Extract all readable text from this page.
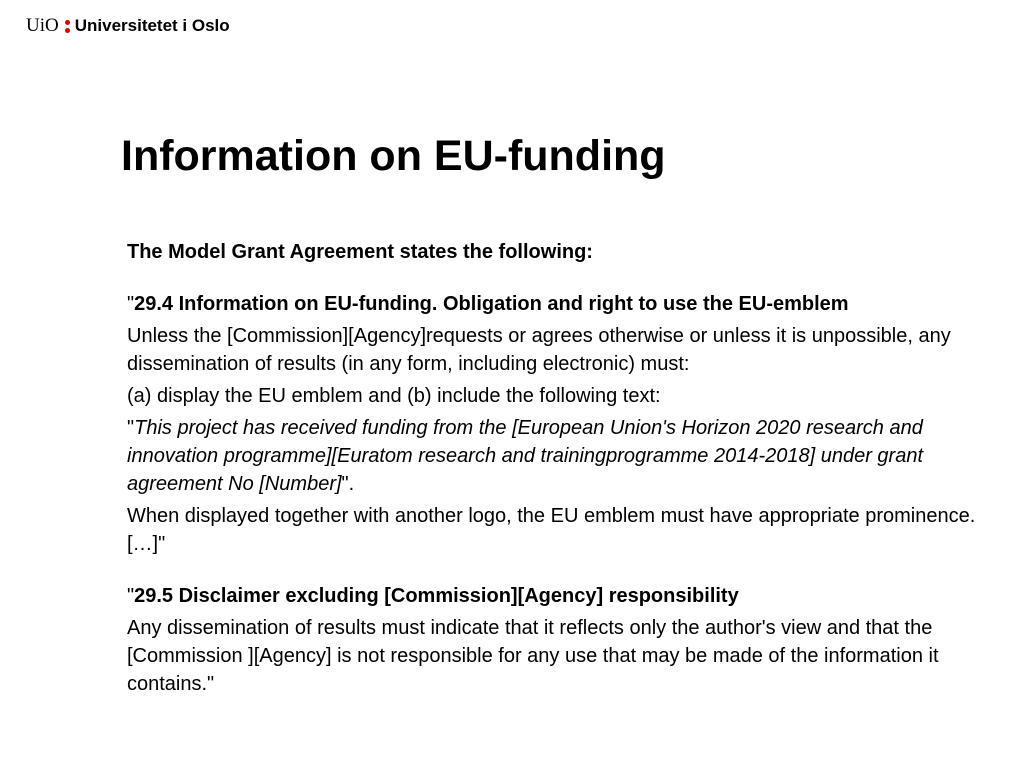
UiO Universitetet i Oslo
Information on EU-funding

The Model Grant Agreement states the following:

"29.4 Information on EU-funding. Obligation and right to use the EU-emblem

Unless the [Commission][Agency]requests or agrees otherwise or unless it is unpossible, any dissemination of results (in any form, including electronic) must:

(a) display the EU emblem and (b) include the following text:

"This project has received funding from the [European Union's Horizon 2020 research and innovation programme][Euratom research and trainingprogramme 2014-2018] under grant agreement No [Number]".

When displayed together with another logo, the EU emblem must have appropriate prominence. […]"

"29.5 Disclaimer excluding [Commission][Agency] responsibility

Any dissemination of results must indicate that it reflects only the author's view and that the [Commission ][Agency] is not responsible for any use that may be made of the information it contains."
